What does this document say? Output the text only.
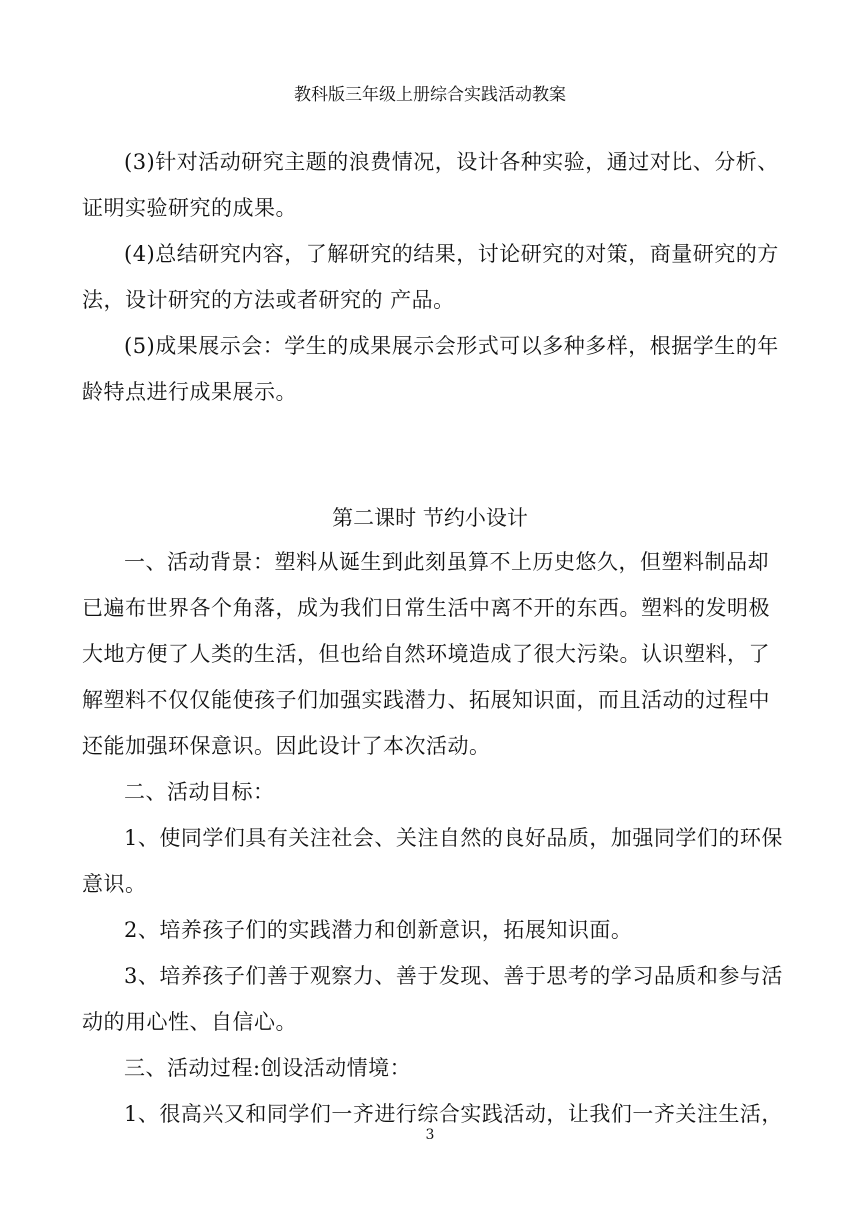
教科版三年级上册综合实践活动教案

(3)针对活动研究主题的浪费情况，设计各种实验，通过对比、分析、
证明实验研究的成果。

(4)总结研究内容，了解研究的结果，讨论研究的对策，商量研究的方
法，设计研究的方法或者研究的 产品。

(5)成果展示会：学生的成果展示会形式可以多种多样，根据学生的年
龄特点进行成果展示。

第二课时 节约小设计

一、活动背景：塑料从诞生到此刻虽算不上历史悠久，但塑料制品却
已遍布世界各个角落，成为我们日常生活中离不开的东西。塑料的发明极
大地方便了人类的生活，但也给自然环境造成了很大污染。认识塑料，了
解塑料不仅仅能使孩子们加强实践潜力、拓展知识面，而且活动的过程中
还能加强环保意识。因此设计了本次活动。

二、活动目标：

1、使同学们具有关注社会、关注自然的良好品质，加强同学们的环保
意识。

2、培养孩子们的实践潜力和创新意识，拓展知识面。

3、培养孩子们善于观察力、善于发现、善于思考的学习品质和参与活
动的用心性、自信心。

三、活动过程:创设活动情境：

1、很高兴又和同学们一齐进行综合实践活动，让我们一齐关注生活，

3
